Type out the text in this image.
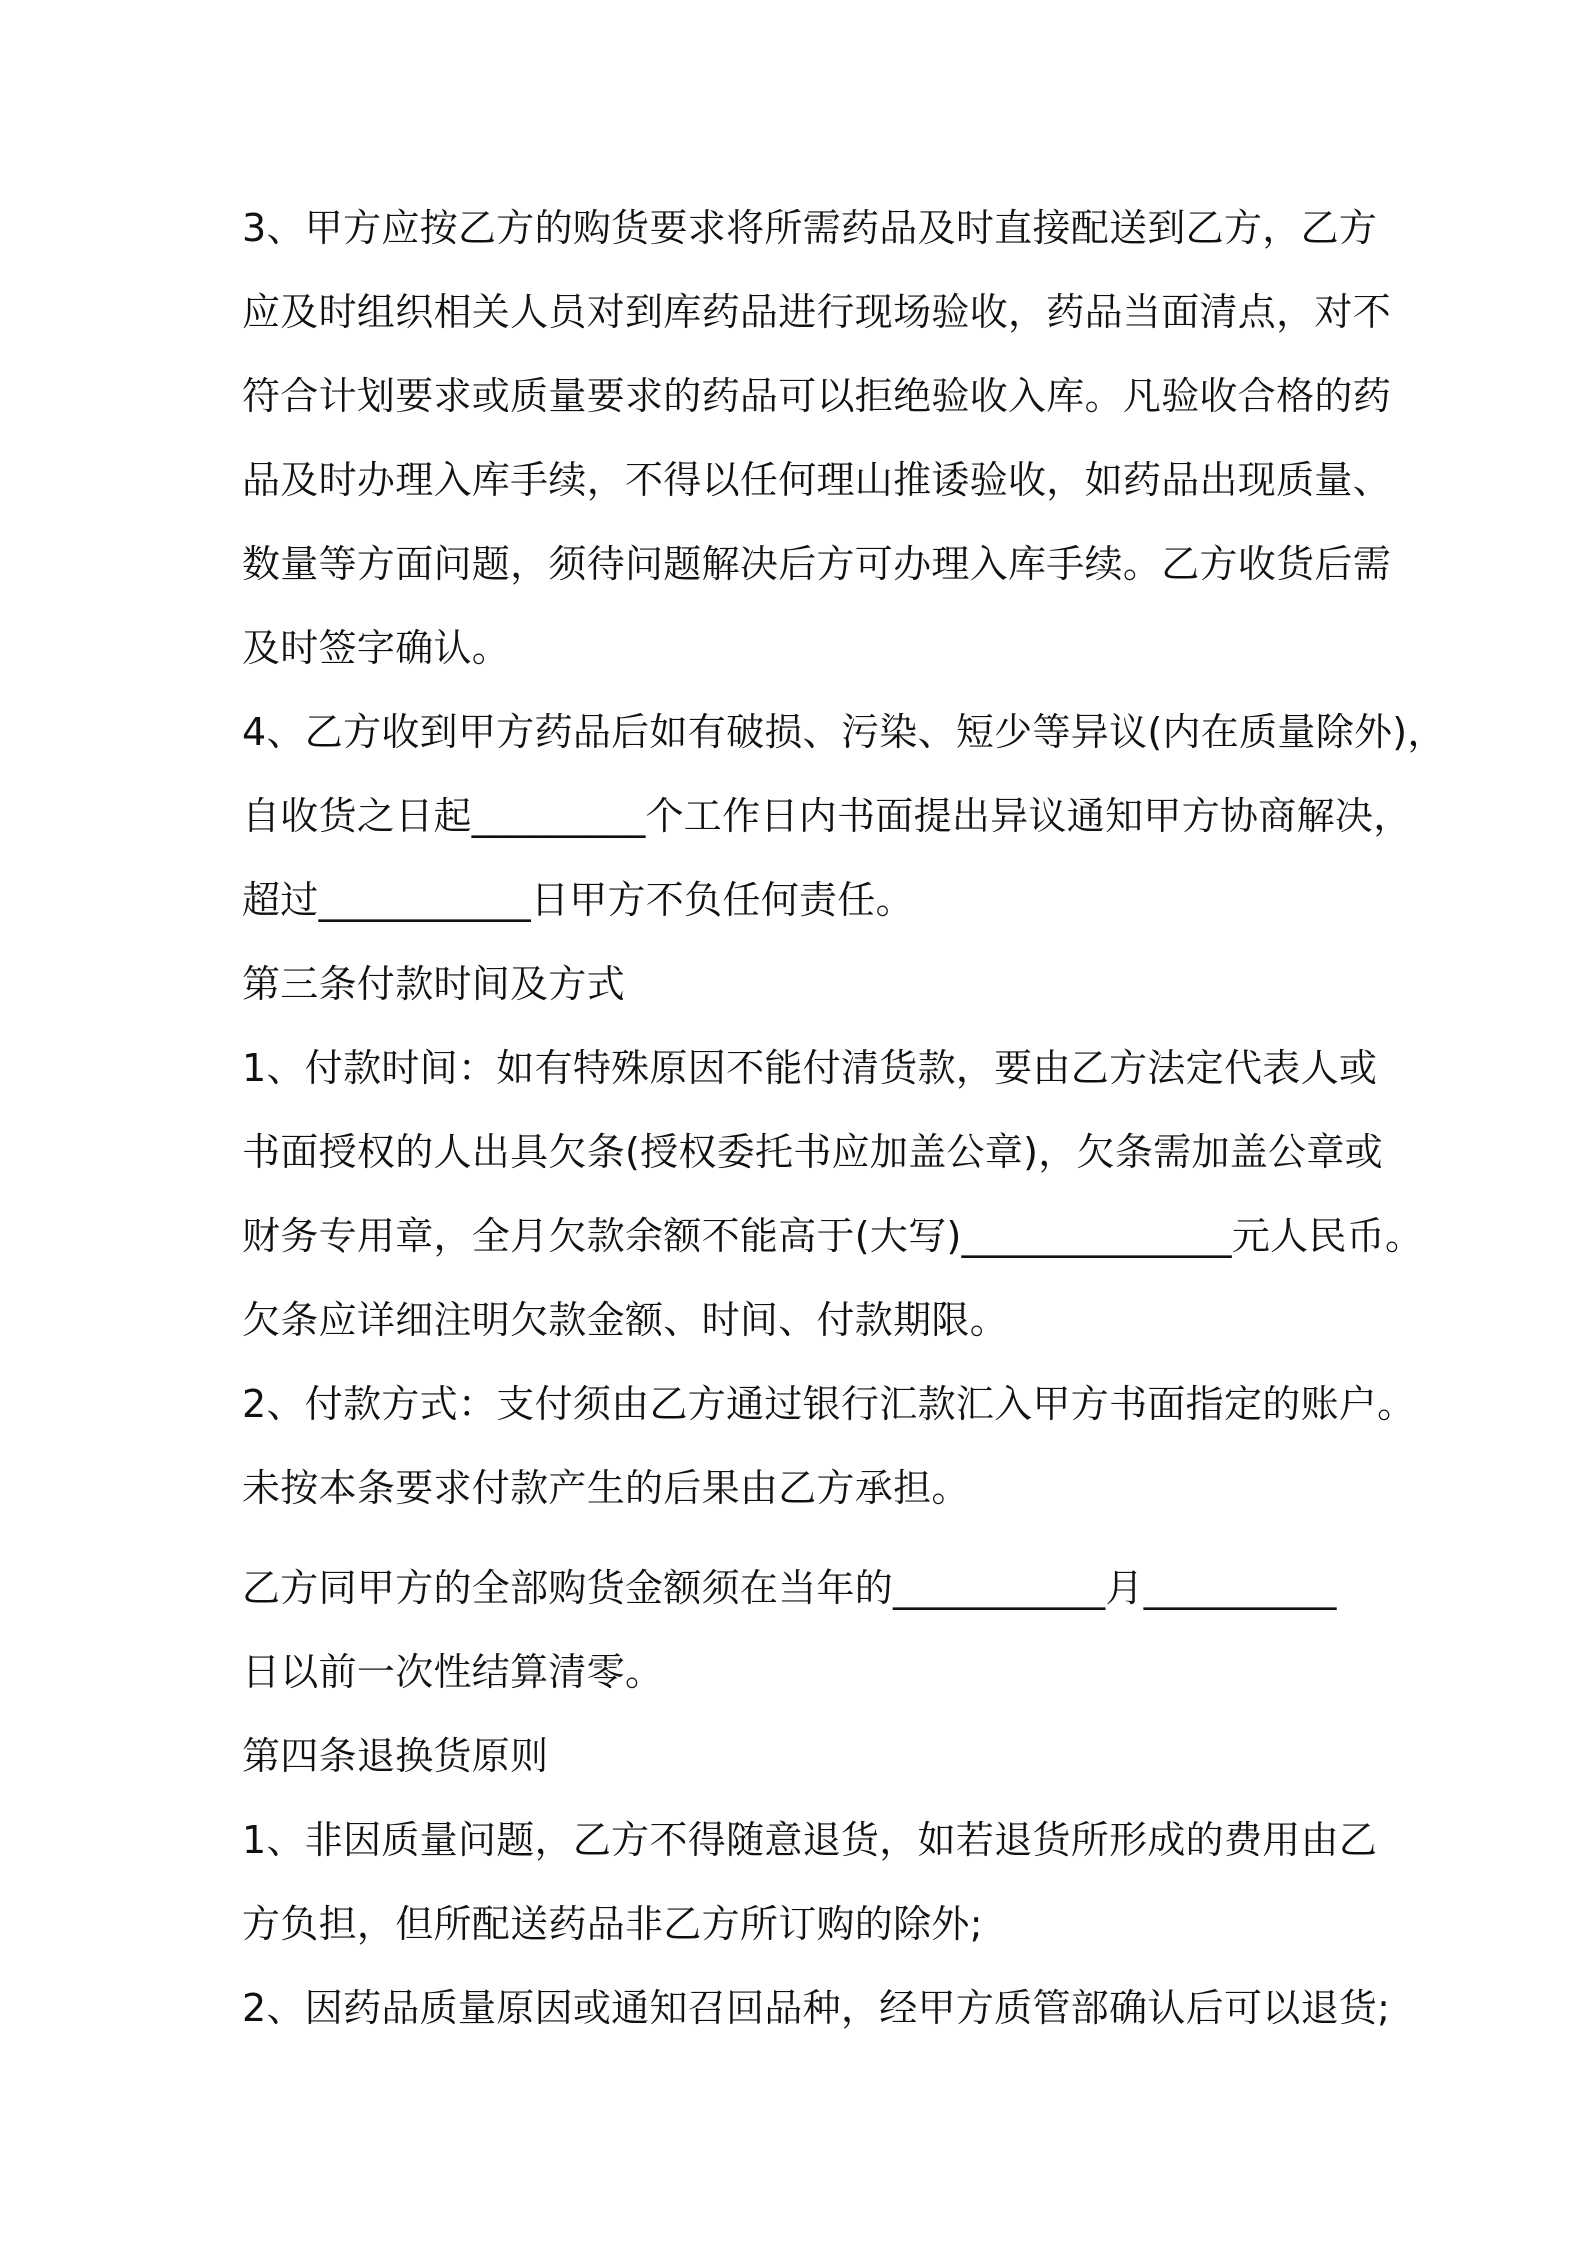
3、甲方应按乙方的购货要求将所需药品及时直接配送到乙方，乙方

应及时组织相关人员对到库药品进行现场验收，药品当面清点，对不

符合计划要求或质量要求的药品可以拒绝验收入库。凡验收合格的药

品及时办理入库手续，不得以任何理山推诿验收，如药品出现质量、

数量等方面问题，须待问题解决后方可办理入库手续。乙方收货后需

及时签字确认。

4、乙方收到甲方药品后如有破损、污染、短少等异议(内在质量除外)，

自收货之日起_________个工作日内书面提出异议通知甲方协商解决，

超过___________日甲方不负任何责任。

第三条付款时间及方式

1、付款时间：如有特殊原因不能付清货款，要由乙方法定代表人或

书面授权的人出具欠条(授权委托书应加盖公章)，欠条需加盖公章或

财务专用章，全月欠款余额不能高于(大写)______________元人民币。

欠条应详细注明欠款金额、时间、付款期限。

2、付款方式：支付须由乙方通过银行汇款汇入甲方书面指定的账户。

未按本条要求付款产生的后果由乙方承担。

乙方同甲方的全部购货金额须在当年的___________月__________

日以前一次性结算清零。

第四条退换货原则

1、非因质量问题，乙方不得随意退货，如若退货所形成的费用由乙

方负担，但所配送药品非乙方所订购的除外;

2、因药品质量原因或通知召回品种，经甲方质管部确认后可以退货;
